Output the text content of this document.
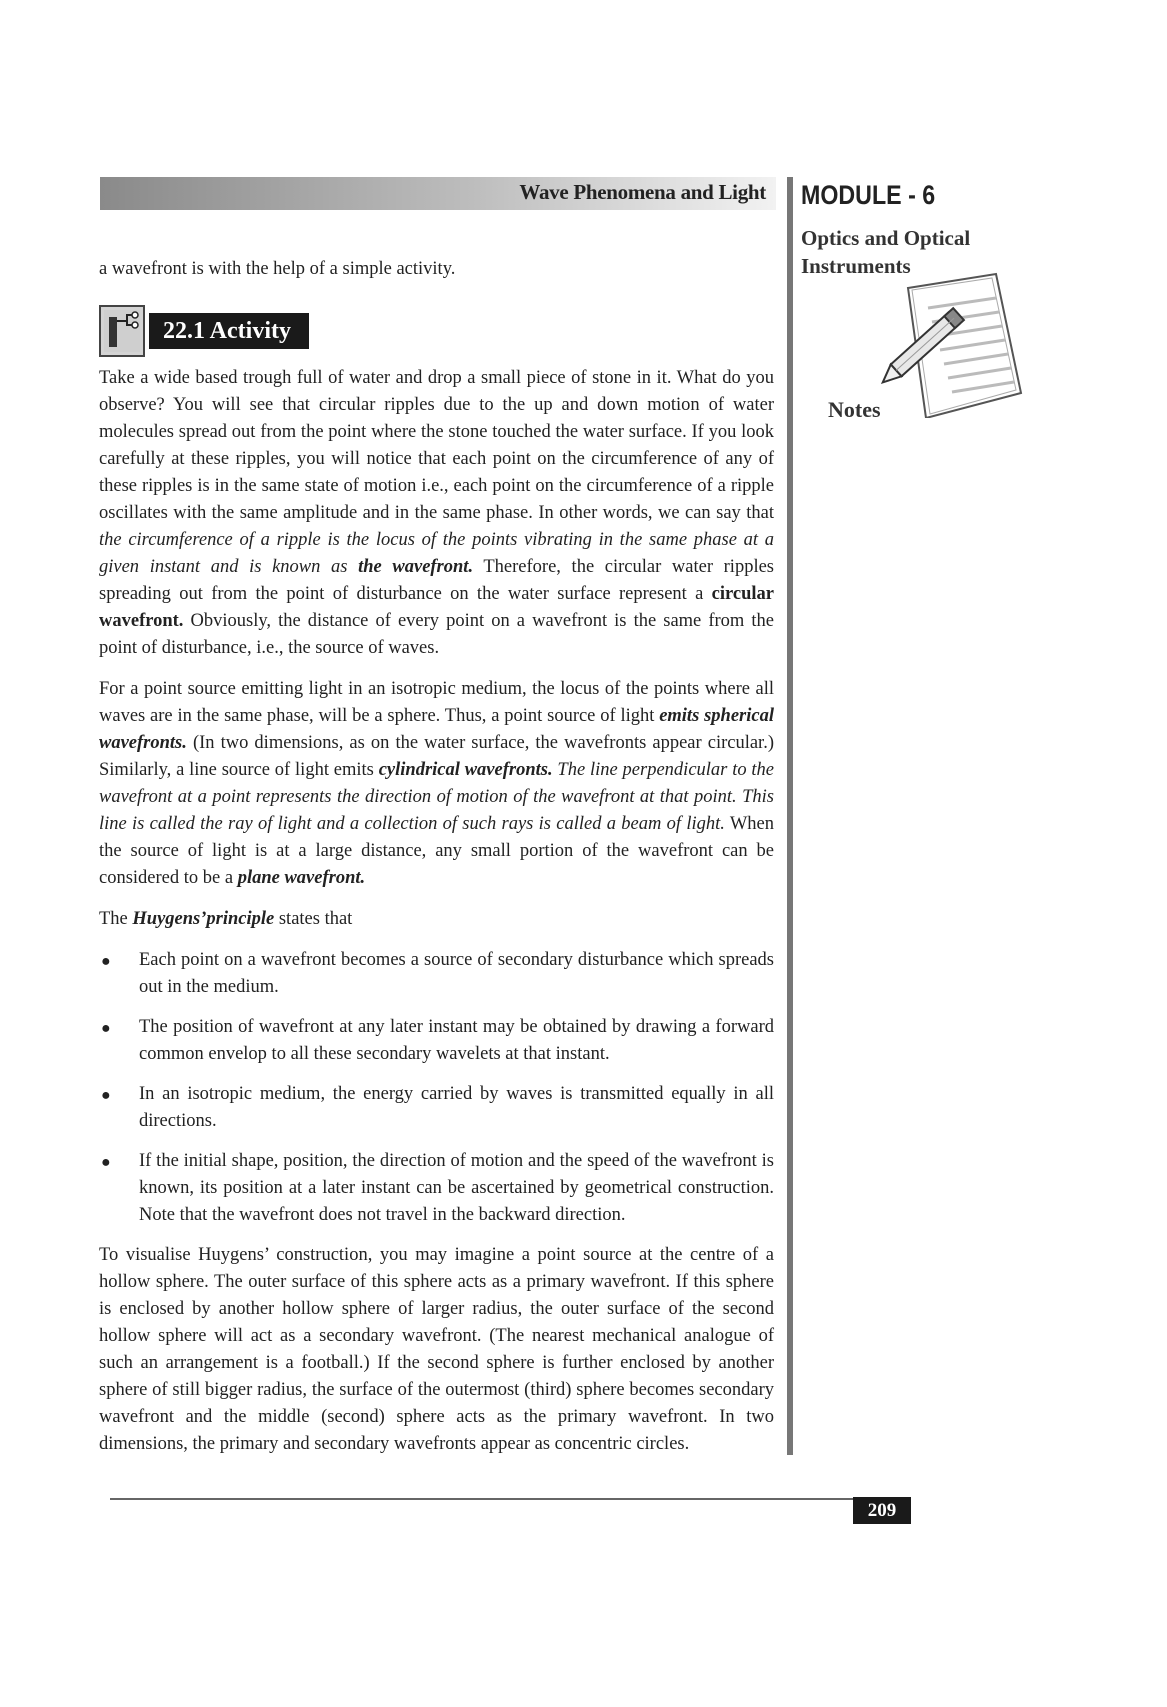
Wave Phenomena and Light MODULE - 6
Optics and Optical Instruments
Notes

a wavefront is with the help of a simple activity.

22.1 Activity

Take a wide based trough full of water and drop a small piece of stone in it. What do you observe? You will see that circular ripples due to the up and down motion of water molecules spread out from the point where the stone touched the water surface. If you look carefully at these ripples, you will notice that each point on the circumference of any of these ripples is in the same state of motion i.e., each point on the circumference of a ripple oscillates with the same amplitude and in the same phase. In other words, we can say that the circumference of a ripple is the locus of the points vibrating in the same phase at a given instant and is known as the wavefront. Therefore, the circular water ripples spreading out from the point of disturbance on the water surface represent a circular wavefront. Obviously, the distance of every point on a wavefront is the same from the point of disturbance, i.e., the source of waves.

For a point source emitting light in an isotropic medium, the locus of the points where all waves are in the same phase, will be a sphere. Thus, a point source of light emits spherical wavefronts. (In two dimensions, as on the water surface, the wavefronts appear circular.) Similarly, a line source of light emits cylindrical wavefronts. The line perpendicular to the wavefront at a point represents the direction of motion of the wavefront at that point. This line is called the ray of light and a collection of such rays is called a beam of light. When the source of light is at a large distance, any small portion of the wavefront can be considered to be a plane wavefront.

The Huygens’principle states that

● Each point on a wavefront becomes a source of secondary disturbance which spreads out in the medium.
● The position of wavefront at any later instant may be obtained by drawing a forward common envelop to all these secondary wavelets at that instant.
● In an isotropic medium, the energy carried by waves is transmitted equally in all directions.
● If the initial shape, position, the direction of motion and the speed of the wavefront is known, its position at a later instant can be ascertained by geometrical construction. Note that the wavefront does not travel in the backward direction.

To visualise Huygens’ construction, you may imagine a point source at the centre of a hollow sphere. The outer surface of this sphere acts as a primary wavefront. If this sphere is enclosed by another hollow sphere of larger radius, the outer surface of the second hollow sphere will act as a secondary wavefront. (The nearest mechanical analogue of such an arrangement is a football.) If the second sphere is further enclosed by another sphere of still bigger radius, the surface of the outermost (third) sphere becomes secondary wavefront and the middle (second) sphere acts as the primary wavefront. In two dimensions, the primary and secondary wavefronts appear as concentric circles.

209
